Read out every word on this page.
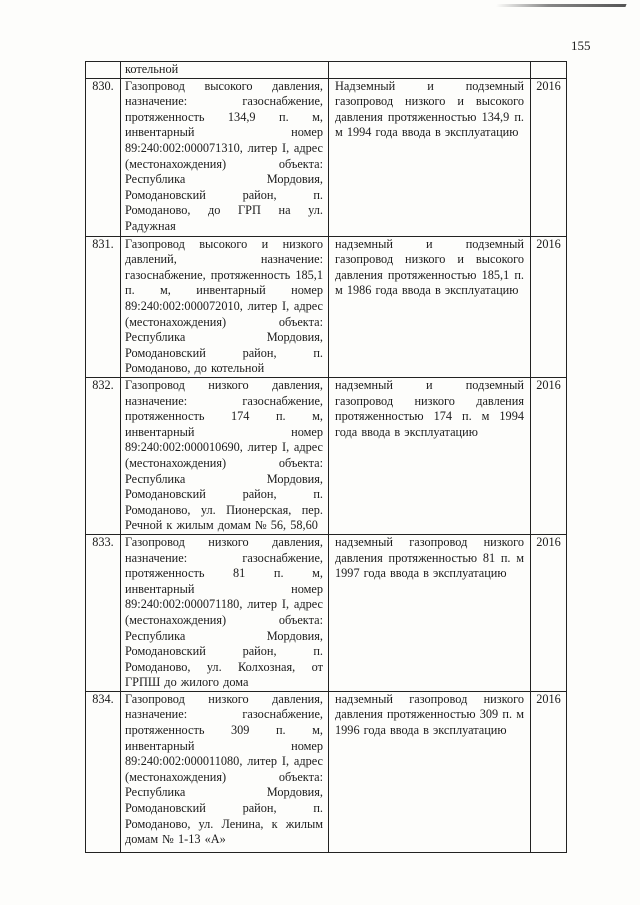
155
	котельной		
830.	Газопровод высокого давления, назначение: газоснабжение, протяженность 134,9 п. м, инвентарный номер 89:240:002:000071310, литер I, адрес (местонахождения) объекта: Республика Мордовия, Ромодановский район, п. Ромоданово, до ГРП на ул. Радужная	Надземный и подземный газопровод низкого и высокого давления протяженностью 134,9 п. м 1994 года ввода в эксплуатацию	2016
831.	Газопровод высокого и низкого давлений, назначение: газоснабжение, протяженность 185,1 п. м, инвентарный номер 89:240:002:000072010, литер I, адрес (местонахождения) объекта: Республика Мордовия, Ромодановский район, п. Ромоданово, до котельной	надземный и подземный газопровод низкого и высокого давления протяженностью 185,1 п. м 1986 года ввода в эксплуатацию	2016
832.	Газопровод низкого давления, назначение: газоснабжение, протяженность 174 п. м, инвентарный номер 89:240:002:000010690, литер I, адрес (местонахождения) объекта: Республика Мордовия, Ромодановский район, п. Ромоданово, ул. Пионерская, пер. Речной к жилым домам № 56, 58,60	надземный и подземный газопровод низкого давления протяженностью 174 п. м 1994 года ввода в эксплуатацию	2016
833.	Газопровод низкого давления, назначение: газоснабжение, протяженность 81 п. м, инвентарный номер 89:240:002:000071180, литер I, адрес (местонахождения) объекта: Республика Мордовия, Ромодановский район, п. Ромоданово, ул. Колхозная, от ГРПШ до жилого дома	надземный газопровод низкого давления протяженностью 81 п. м 1997 года ввода в эксплуатацию	2016
834.	Газопровод низкого давления, назначение: газоснабжение, протяженность 309 п. м, инвентарный номер 89:240:002:000011080, литер I, адрес (местонахождения) объекта: Республика Мордовия, Ромодановский район, п. Ромоданово, ул. Ленина, к жилым домам № 1-13 «А»	надземный газопровод низкого давления протяженностью 309 п. м 1996 года ввода в эксплуатацию	2016
